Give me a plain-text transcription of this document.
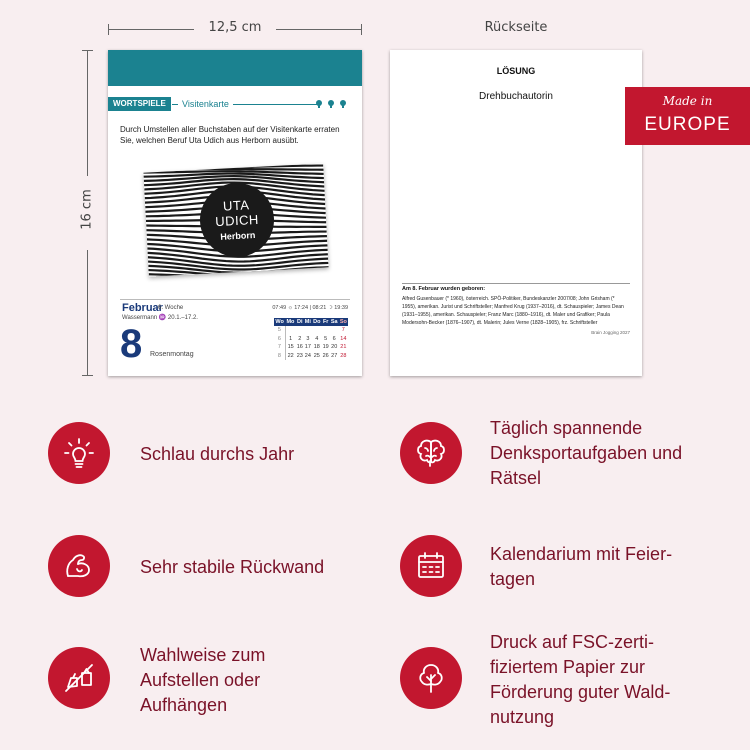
12,5 cm
16 cm
Rückseite
WORTSPIELE	Visitenkarte
Durch Umstellen aller Buchstaben auf der Visitenkarte erraten Sie, welchen Beruf Uta Udich aus Herborn ausübt.
UTA
UDICH
Herborn
Februar
6. Woche	07:49 ☼ 17:24 | 08:21 ☽ 19:39
Wassermann ♒ 20.1.–17.2.
8 Rosenmontag
Wo	Mo	Di	Mi	Do	Fr	Sa	So
5							7
6	1	2	3	4	5	6	14
7	15	16	17	18	19	20	21
8	22	23	24	25	26	27	28
LÖSUNG
Drehbuchautorin
Am 8. Februar wurden geboren:
Alfred Gusenbauer (* 1960), österreich. SPÖ-Politiker, Bundeskanzler 2007/08; John Grisham (* 1955), amerikan. Jurist und Schriftsteller; Manfred Krug (1937–2016), dt. Schauspieler; James Dean (1931–1955), amerikan. Schauspieler; Franz Marc (1880–1916), dt. Maler und Grafiker; Paula Modersohn-Becker (1876–1907), dt. Malerin; Jules Verne (1828–1905), frz. Schriftsteller
Brain Jogging 2027
Made in
EUROPE
Schlau durchs Jahr
Täglich spannende
Denksportaufgaben und
Rätsel
Sehr stabile Rückwand
Kalendarium mit Feier-
tagen
Wahlweise zum
Aufstellen oder
Aufhängen
Druck auf FSC-zerti-
fiziertem Papier zur
Förderung guter Wald-
nutzung
